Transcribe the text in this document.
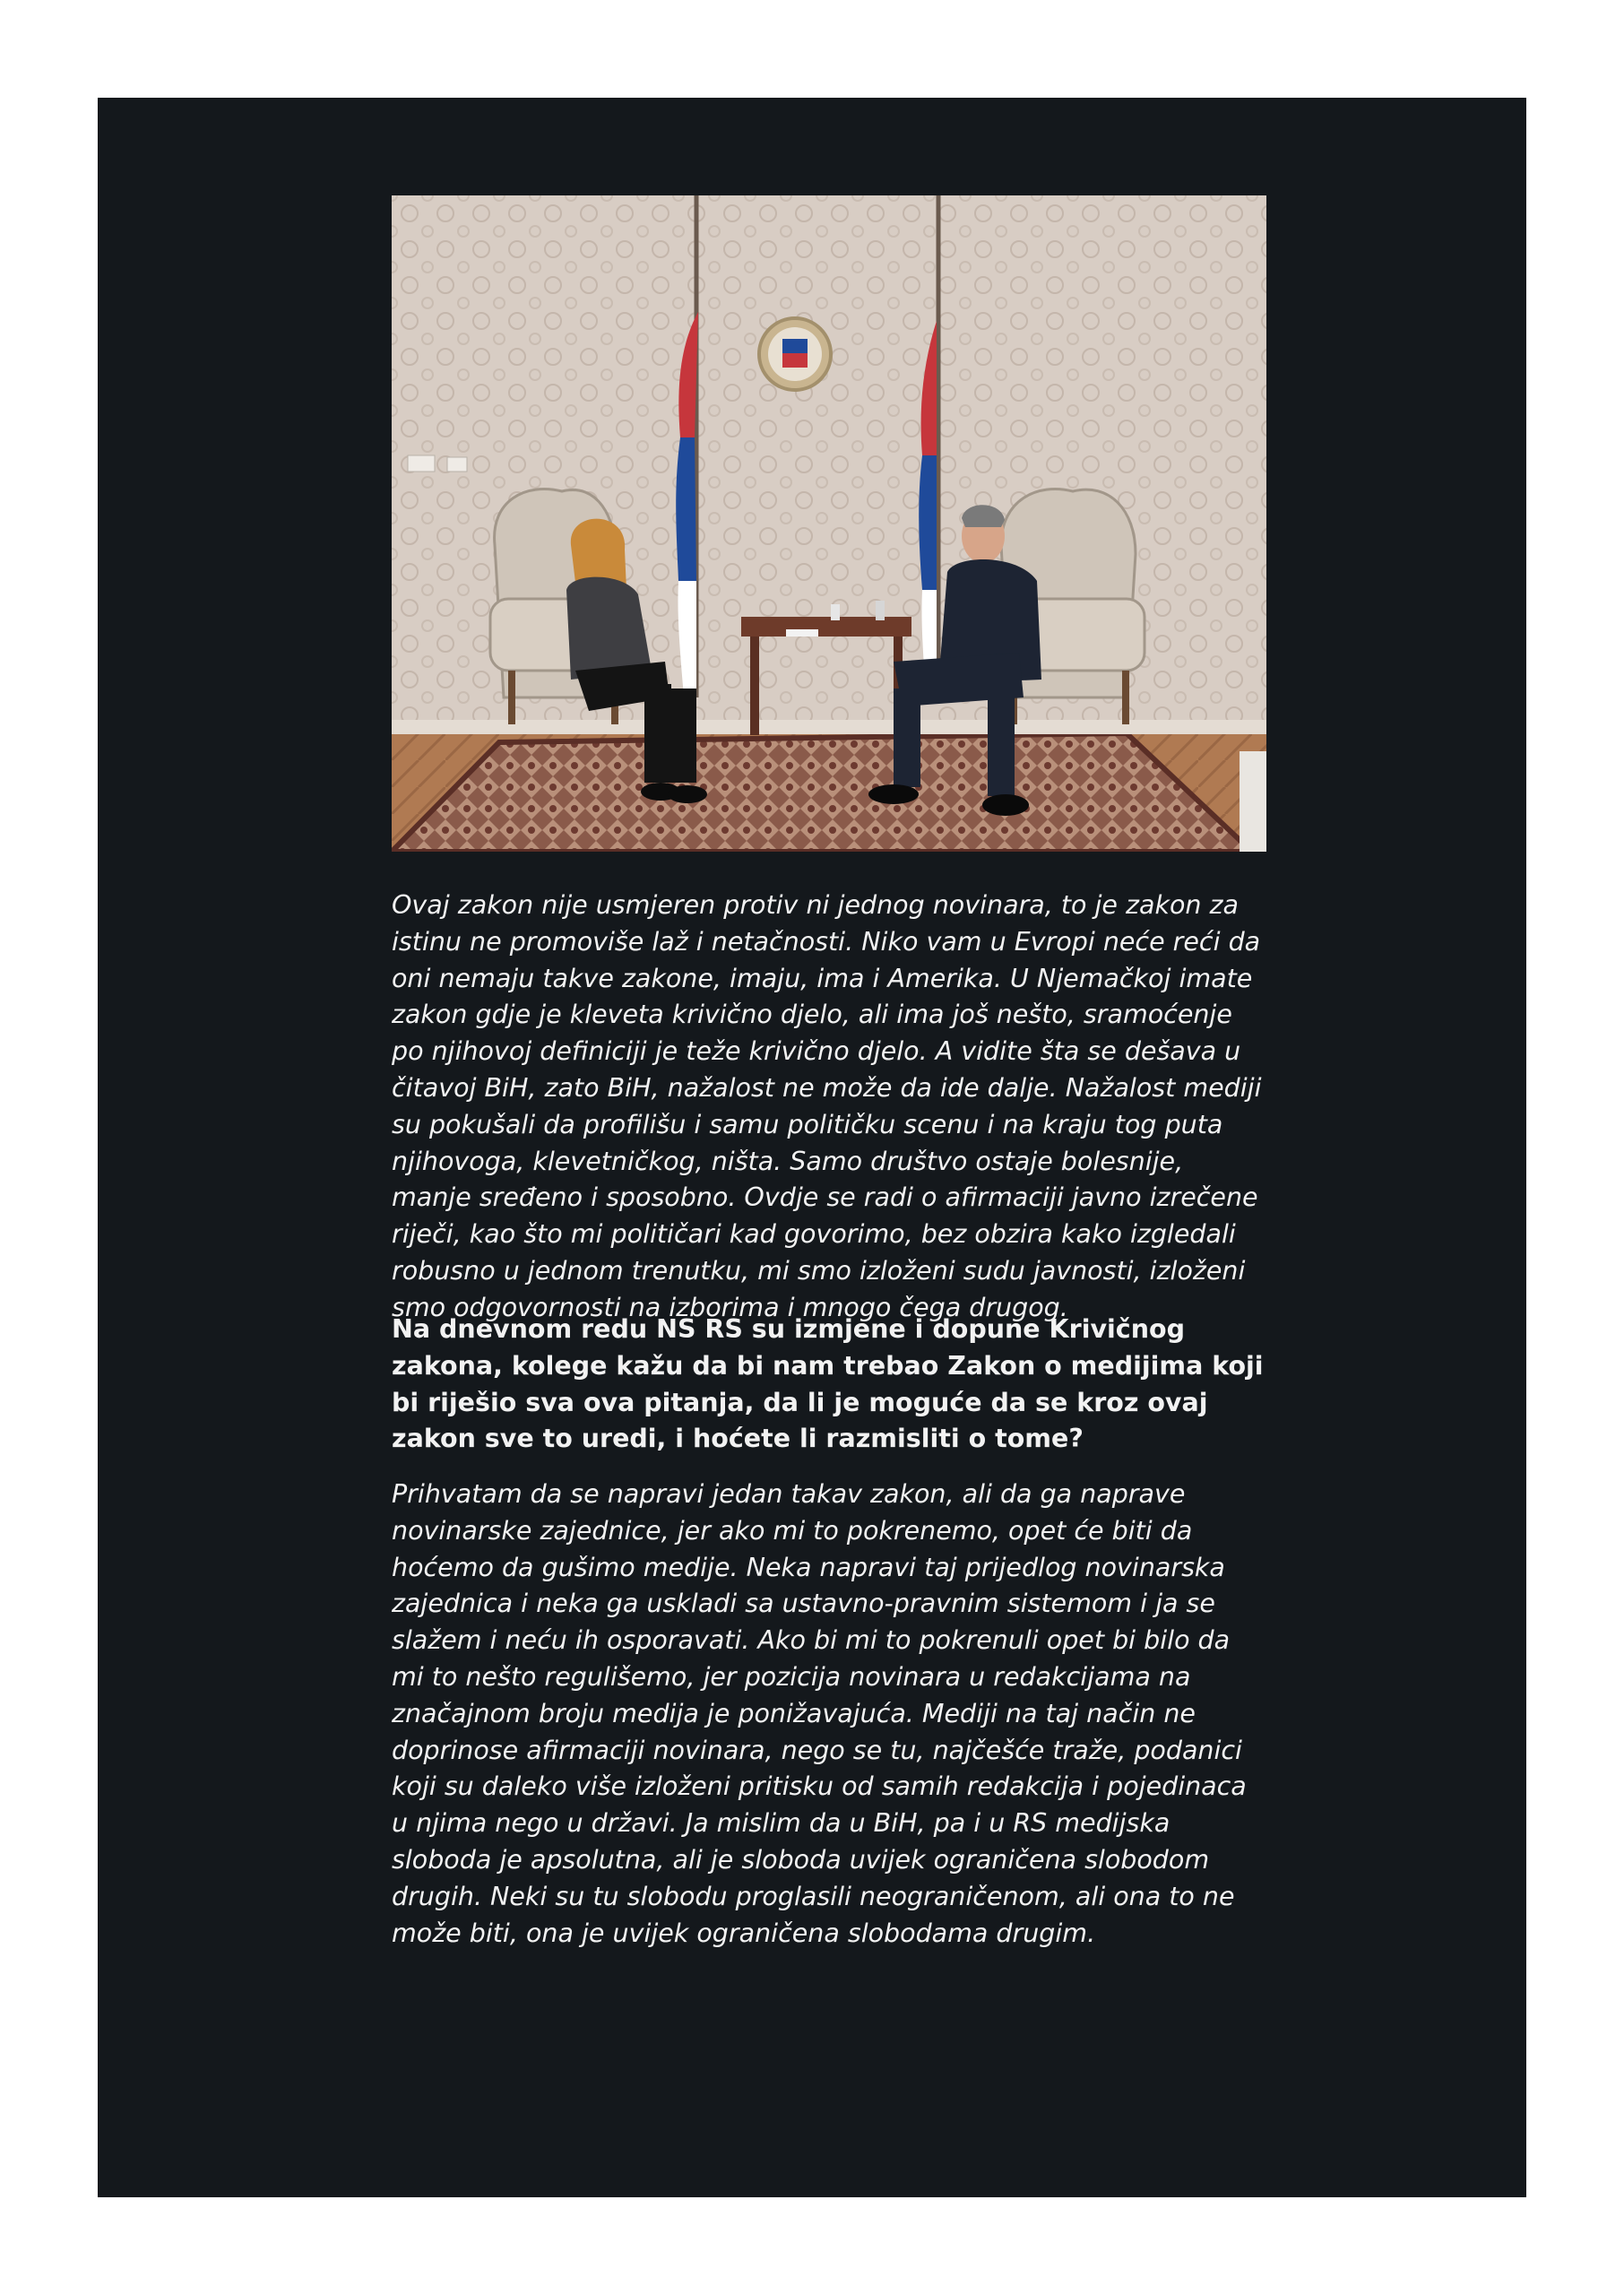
Ovaj zakon nije usmjeren protiv ni jednog novinara, to je zakon za istinu ne promoviše laž i netačnosti. Niko vam u Evropi neće reći da oni nemaju takve zakone, imaju, ima i Amerika. U Njemačkoj imate zakon gdje je kleveta krivično djelo, ali ima još nešto, sramoćenje po njihovoj definiciji je teže krivično djelo. A vidite šta se dešava u čitavoj BiH, zato BiH, nažalost ne može da ide dalje. Nažalost mediji su pokušali da profilišu i samu političku scenu i na kraju tog puta njihovoga, klevetničkog, ništa. Samo društvo ostaje bolesnije, manje sređeno i sposobno. Ovdje se radi o afirmaciji javno izrečene riječi, kao što mi političari kad govorimo, bez obzira kako izgledali robusno u jednom trenutku, mi smo izloženi sudu javnosti, izloženi smo odgovornosti na izborima i mnogo čega drugog.

Na dnevnom redu NS RS su izmjene i dopune Krivičnog zakona, kolege kažu da bi nam trebao Zakon o medijima koji bi riješio sva ova pitanja, da li je moguće da se kroz ovaj zakon sve to uredi, i hoćete li razmisliti o tome?

Prihvatam da se napravi jedan takav zakon, ali da ga naprave novinarske zajednice, jer ako mi to pokrenemo, opet će biti da hoćemo da gušimo medije. Neka napravi taj prijedlog novinarska zajednica i neka ga uskladi sa ustavno-pravnim sistemom i ja se slažem i neću ih osporavati. Ako bi mi to pokrenuli opet bi bilo da mi to nešto regulišemo, jer pozicija novinara u redakcijama na značajnom broju medija je ponižavajuća. Mediji na taj način ne doprinose afirmaciji novinara, nego se tu, najčešće traže, podanici koji su daleko više izloženi pritisku od samih redakcija i pojedinaca u njima nego u državi. Ja mislim da u BiH, pa i u RS medijska sloboda je apsolutna, ali je sloboda uvijek ograničena slobodom drugih. Neki su tu slobodu proglasili neograničenom, ali ona to ne može biti, ona je uvijek ograničena slobodama drugim.
